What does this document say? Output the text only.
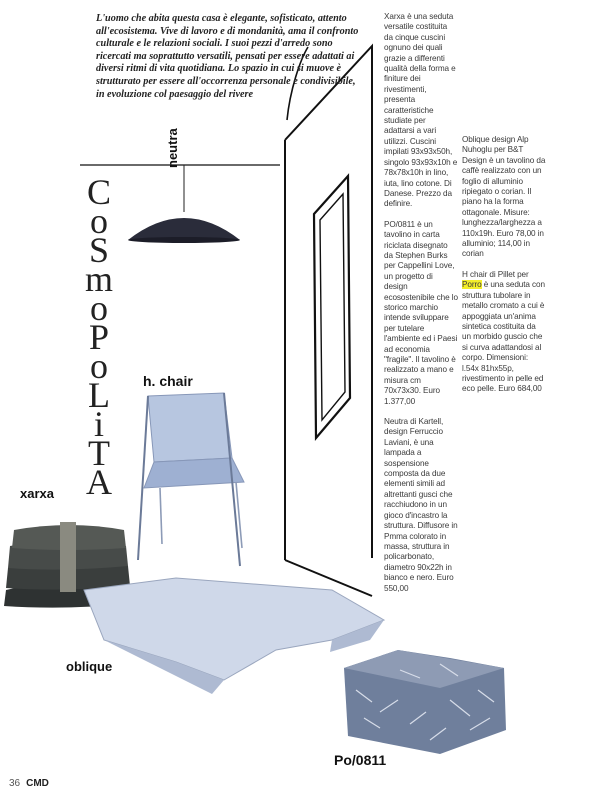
L'uomo che abita questa casa è elegante, sofisticato, attento all'ecosistema. Vive di lavoro e di mondanità, ama il confronto culturale e le relazioni sociali. I suoi pezzi d'arredo sono ricercati ma soprattutto versatili, pensati per essere adattati ai diversi ritmi di vita quotidiana. Lo spazio in cui si muove è strutturato per essere all'occorrenza personale e condivisibile, in evoluzione col paesaggio del rivere
C
o
S
m
o
P
o
L
i
T
A
neutra
h. chair
xarxa
oblique
Po/0811

Xarxa è una seduta versatile costituita da cinque cuscini ognuno dei quali grazie a differenti qualità della forma e finiture dei rivestimenti, presenta caratteristiche studiate per adattarsi a vari utilizzi. Cuscini impilati 93x93x50h, singolo 93x93x10h e 78x78x10h in lino, iuta, lino cotone. Di Danese. Prezzo da definire.

PO/0811 è un tavolino in carta riciclata disegnato da Stephen Burks per Cappellini Love, un progetto di design ecosostenibile che lo storico marchio intende sviluppare per tutelare l'ambiente ed i Paesi ad economia "fragile". Il tavolino è realizzato a mano e misura cm 70x73x30. Euro 1.377,00

Neutra di Kartell, design Ferruccio Laviani, è una lampada a sospensione composta da due elementi simili ad altrettanti gusci che racchiudono in un gioco d'incastro la struttura. Diffusore in Pmma colorato in massa, struttura in policarbonato, diametro 90x22h in bianco e nero. Euro 550,00

Oblique design Alp Nuhoglu per B&T Design è un tavolino da caffè realizzato con un foglio di alluminio ripiegato o corian. Il piano ha la forma ottagonale. Misure: lunghezza/larghezza a 110x19h. Euro 78,00 in alluminio; 114,00 in corian

H chair di Pillet per Porro è una seduta con struttura tubolare in metallo cromato a cui è appoggiata un'anima sintetica costituita da un morbido guscio che si curva adattandosi al corpo. Dimensioni: l.54x 81hx55p, rivestimento in pelle ed eco pelle. Euro 684,00

36 CMD
